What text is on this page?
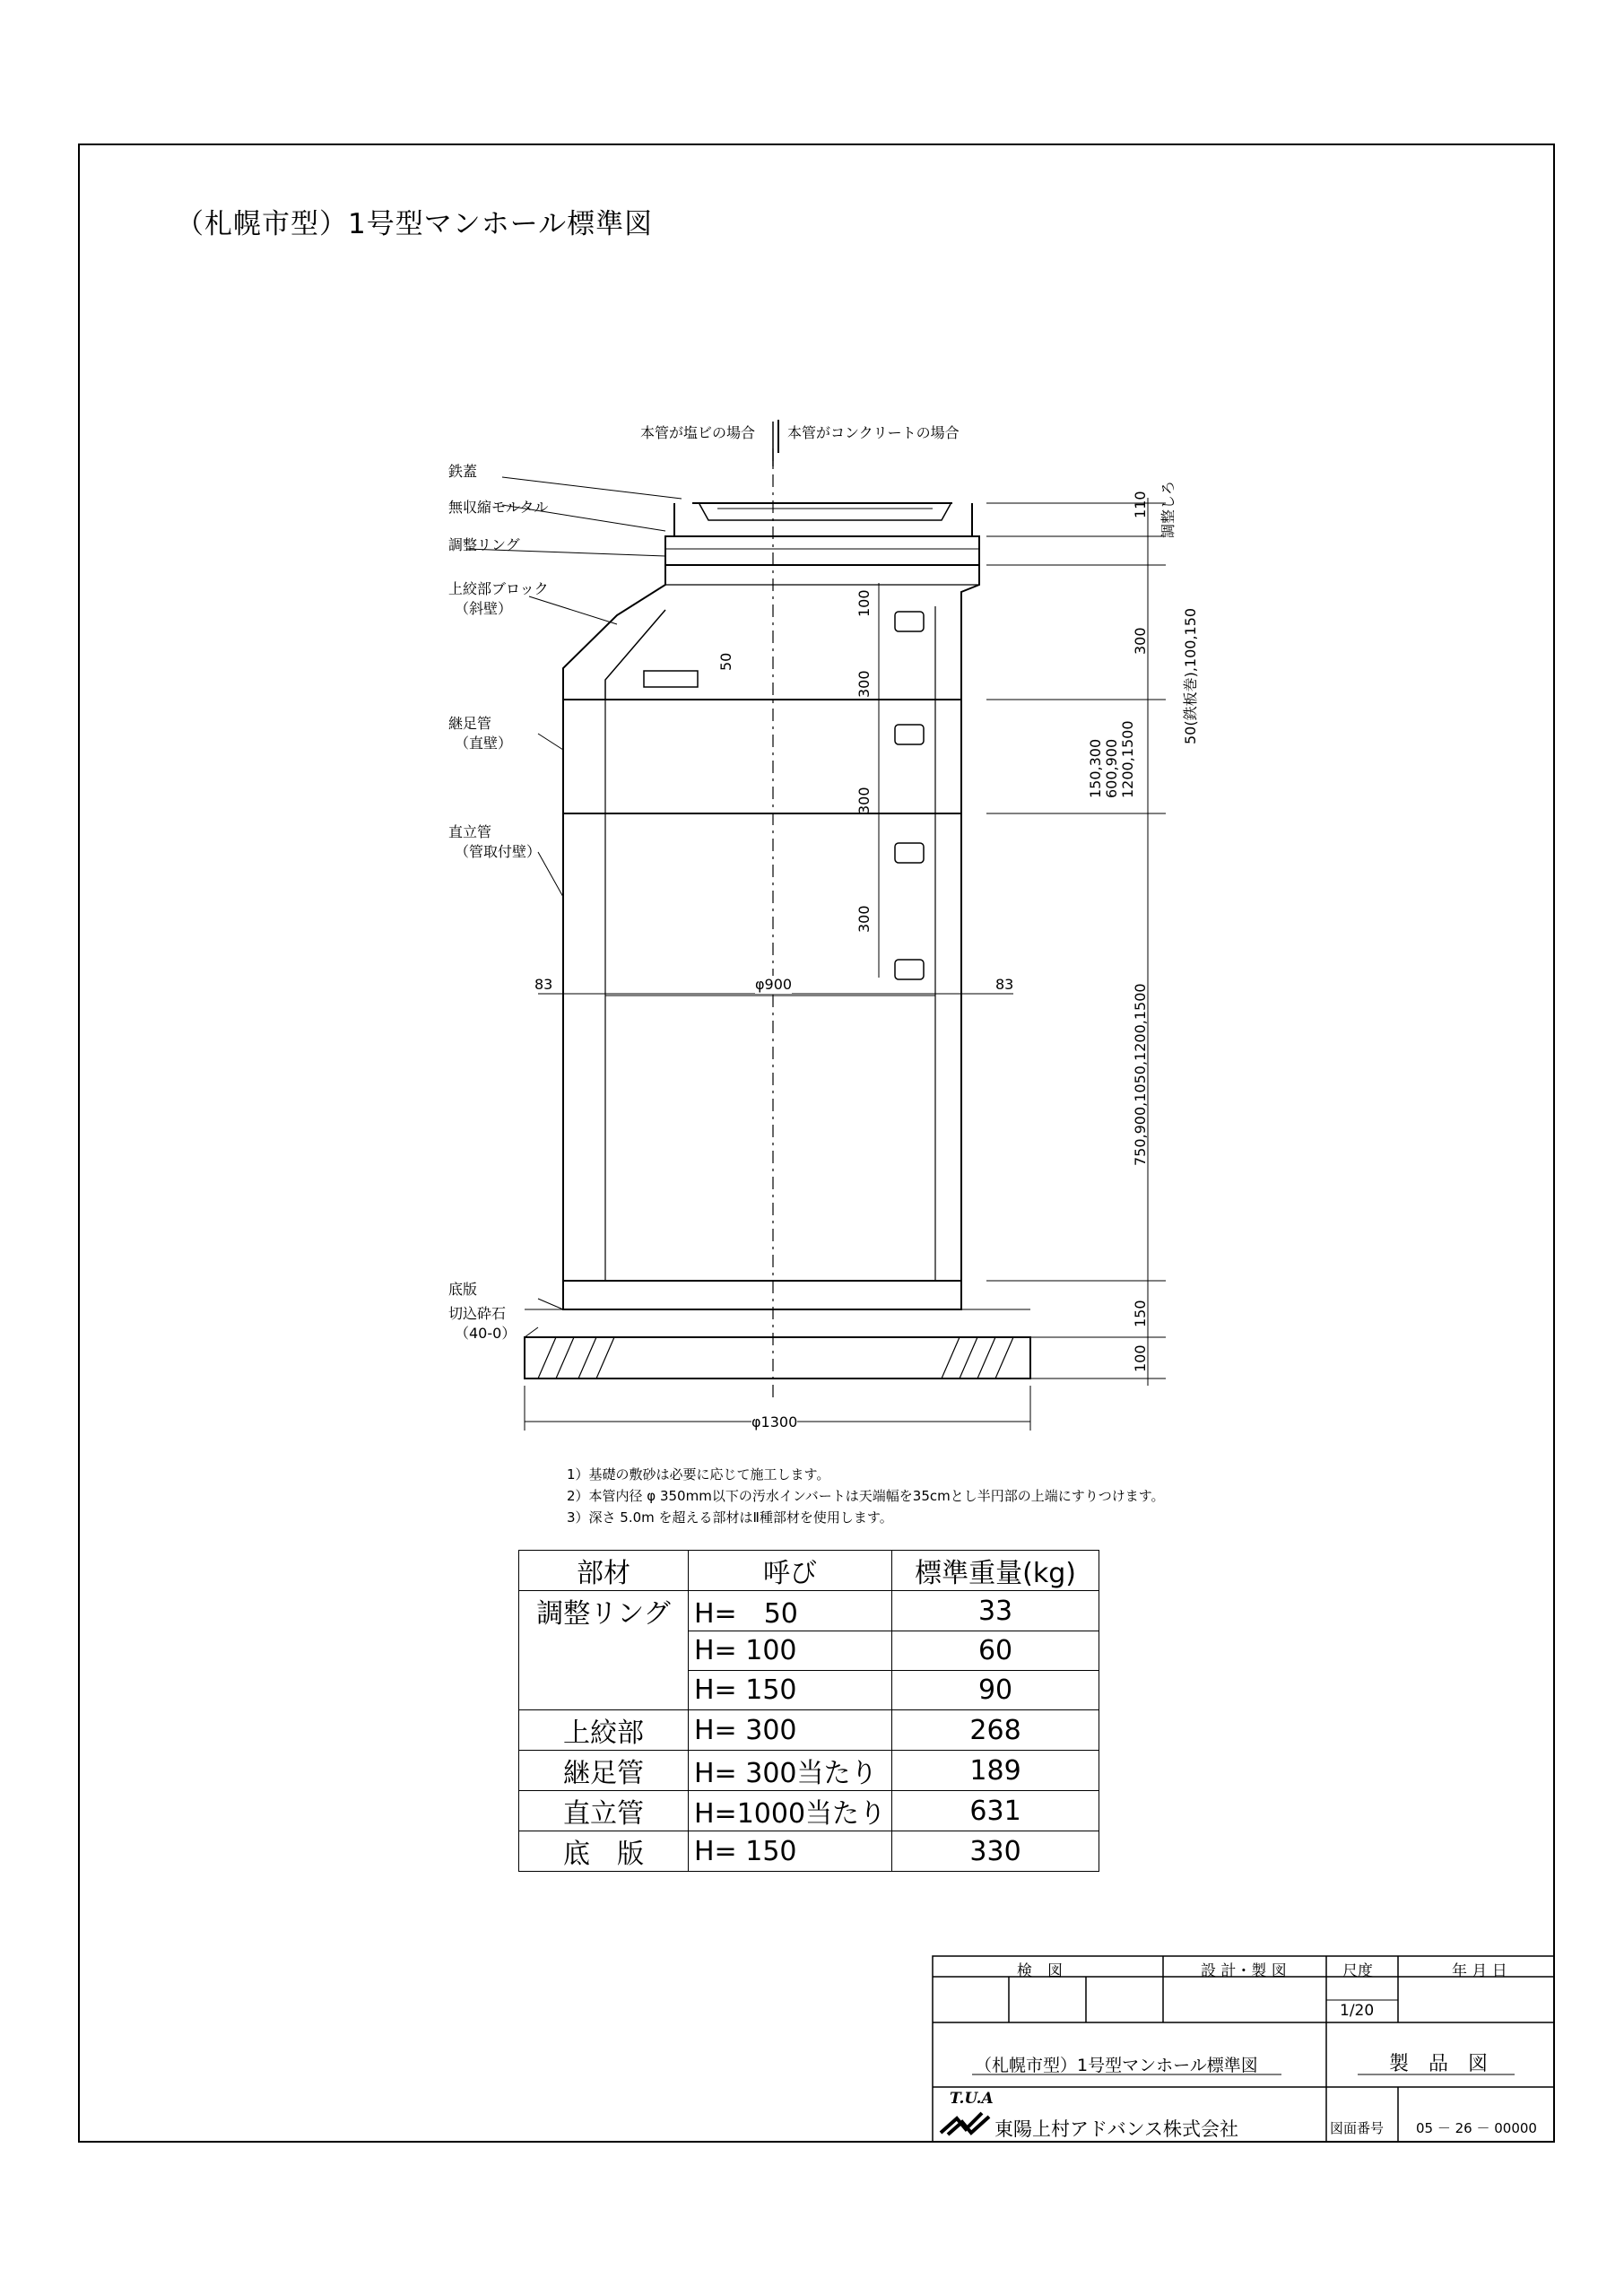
（札幌市型）1号型マンホール標準図
本管が塩ビの場合 本管がコンクリートの場合
鉄蓋
無収縮モルタル
調整リング
上絞部ブロック
（斜壁）
継足管
（直壁）
直立管
（管取付壁）
底版
切込砕石
（40-0）
110 調整しろ
300 50(鉄板巻),100,150
150,300 600,900 1200,1500
750,900,1050,1200,1500
150
100
100
300
300
300
50
83	83
φ900
φ1300
1）基礎の敷砂は必要に応じて施工します。
2）本管内径 φ 350mm以下の汚水インバートは天端幅を35cmとし半円部の上端にすりつけます。
3）深さ 5.0m を超える部材はⅡ種部材を使用します。
部材	呼び	標準重量(kg)
調整リング	H=　50	33
	H= 100	60
	H= 150	90
上絞部	H= 300	268
継足管	H= 300当たり	189
直立管	H=1000当たり	631
底　版	H= 150	330
検　図	設 計・製 図	尺度	年 月 日
1/20
（札幌市型）1号型マンホール標準図	製　品　図
T.U.A
東陽上村アドバンス株式会社	図面番号 05 － 26 － 00000
